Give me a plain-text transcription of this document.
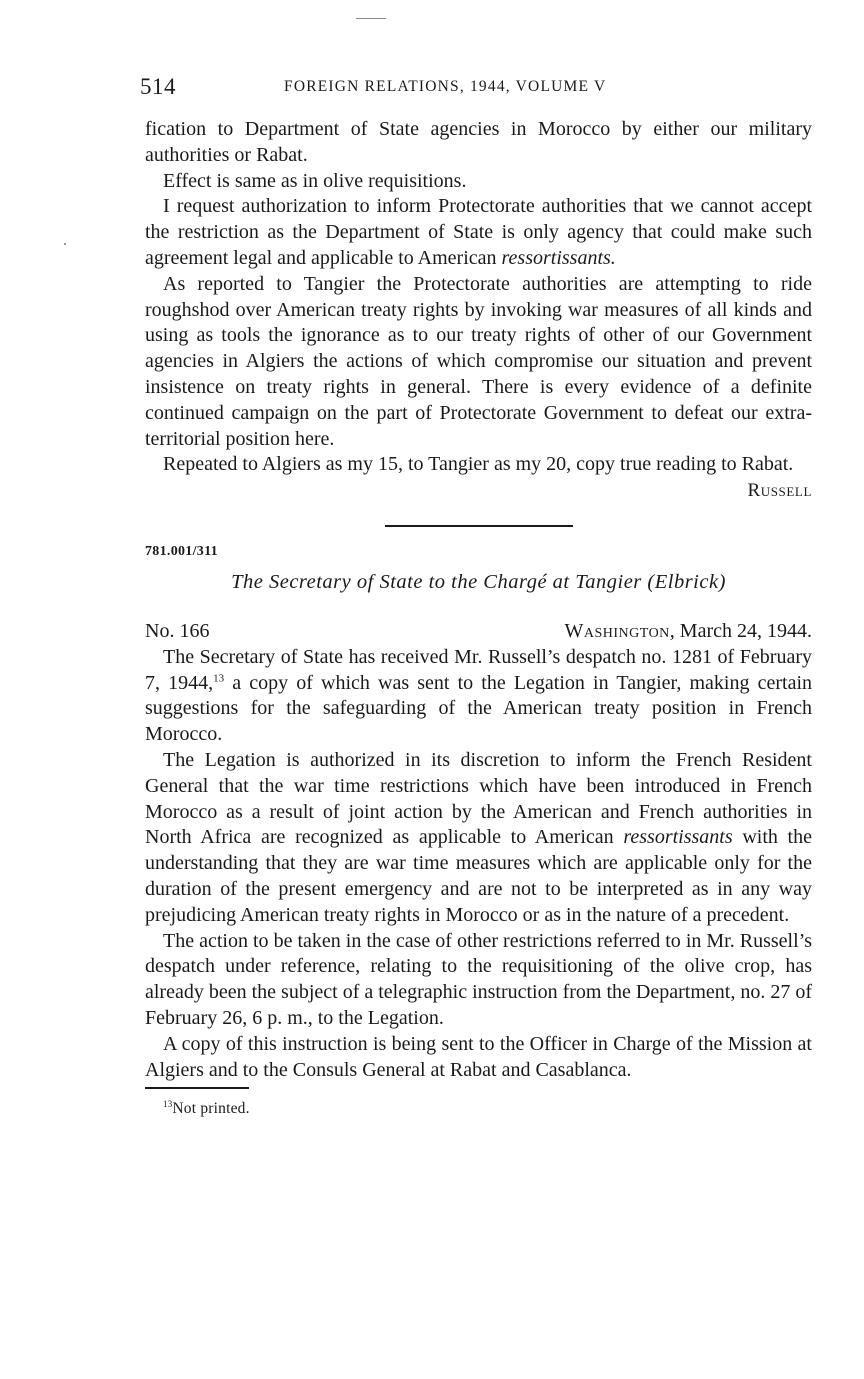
514	FOREIGN RELATIONS, 1944, VOLUME V

fication to Department of State agencies in Morocco by either our military authorities or Rabat.

Effect is same as in olive requisitions.

I request authorization to inform Protectorate authorities that we cannot accept the restriction as the Department of State is only agency that could make such agreement legal and applicable to American ressortissants.

As reported to Tangier the Protectorate authorities are attempting to ride roughshod over American treaty rights by invoking war measures of all kinds and using as tools the ignorance as to our treaty rights of other of our Government agencies in Algiers the actions of which compromise our situation and prevent insistence on treaty rights in general. There is every evidence of a definite continued campaign on the part of Protectorate Government to defeat our extraterritorial position here.

Repeated to Algiers as my 15, to Tangier as my 20, copy true reading to Rabat.

Russell
781.001/311
The Secretary of State to the Chargé at Tangier (Elbrick)
No. 166	Washington, March 24, 1944.

The Secretary of State has received Mr. Russell’s despatch no. 1281 of February 7, 1944,13 a copy of which was sent to the Legation in Tangier, making certain suggestions for the safeguarding of the American treaty position in French Morocco.

The Legation is authorized in its discretion to inform the French Resident General that the war time restrictions which have been introduced in French Morocco as a result of joint action by the American and French authorities in North Africa are recognized as applicable to American ressortissants with the understanding that they are war time measures which are applicable only for the duration of the present emergency and are not to be interpreted as in any way prejudicing American treaty rights in Morocco or as in the nature of a precedent.

The action to be taken in the case of other restrictions referred to in Mr. Russell’s despatch under reference, relating to the requisitioning of the olive crop, has already been the subject of a telegraphic instruction from the Department, no. 27 of February 26, 6 p. m., to the Legation.

A copy of this instruction is being sent to the Officer in Charge of the Mission at Algiers and to the Consuls General at Rabat and Casablanca.

$^{13}$Not printed.
